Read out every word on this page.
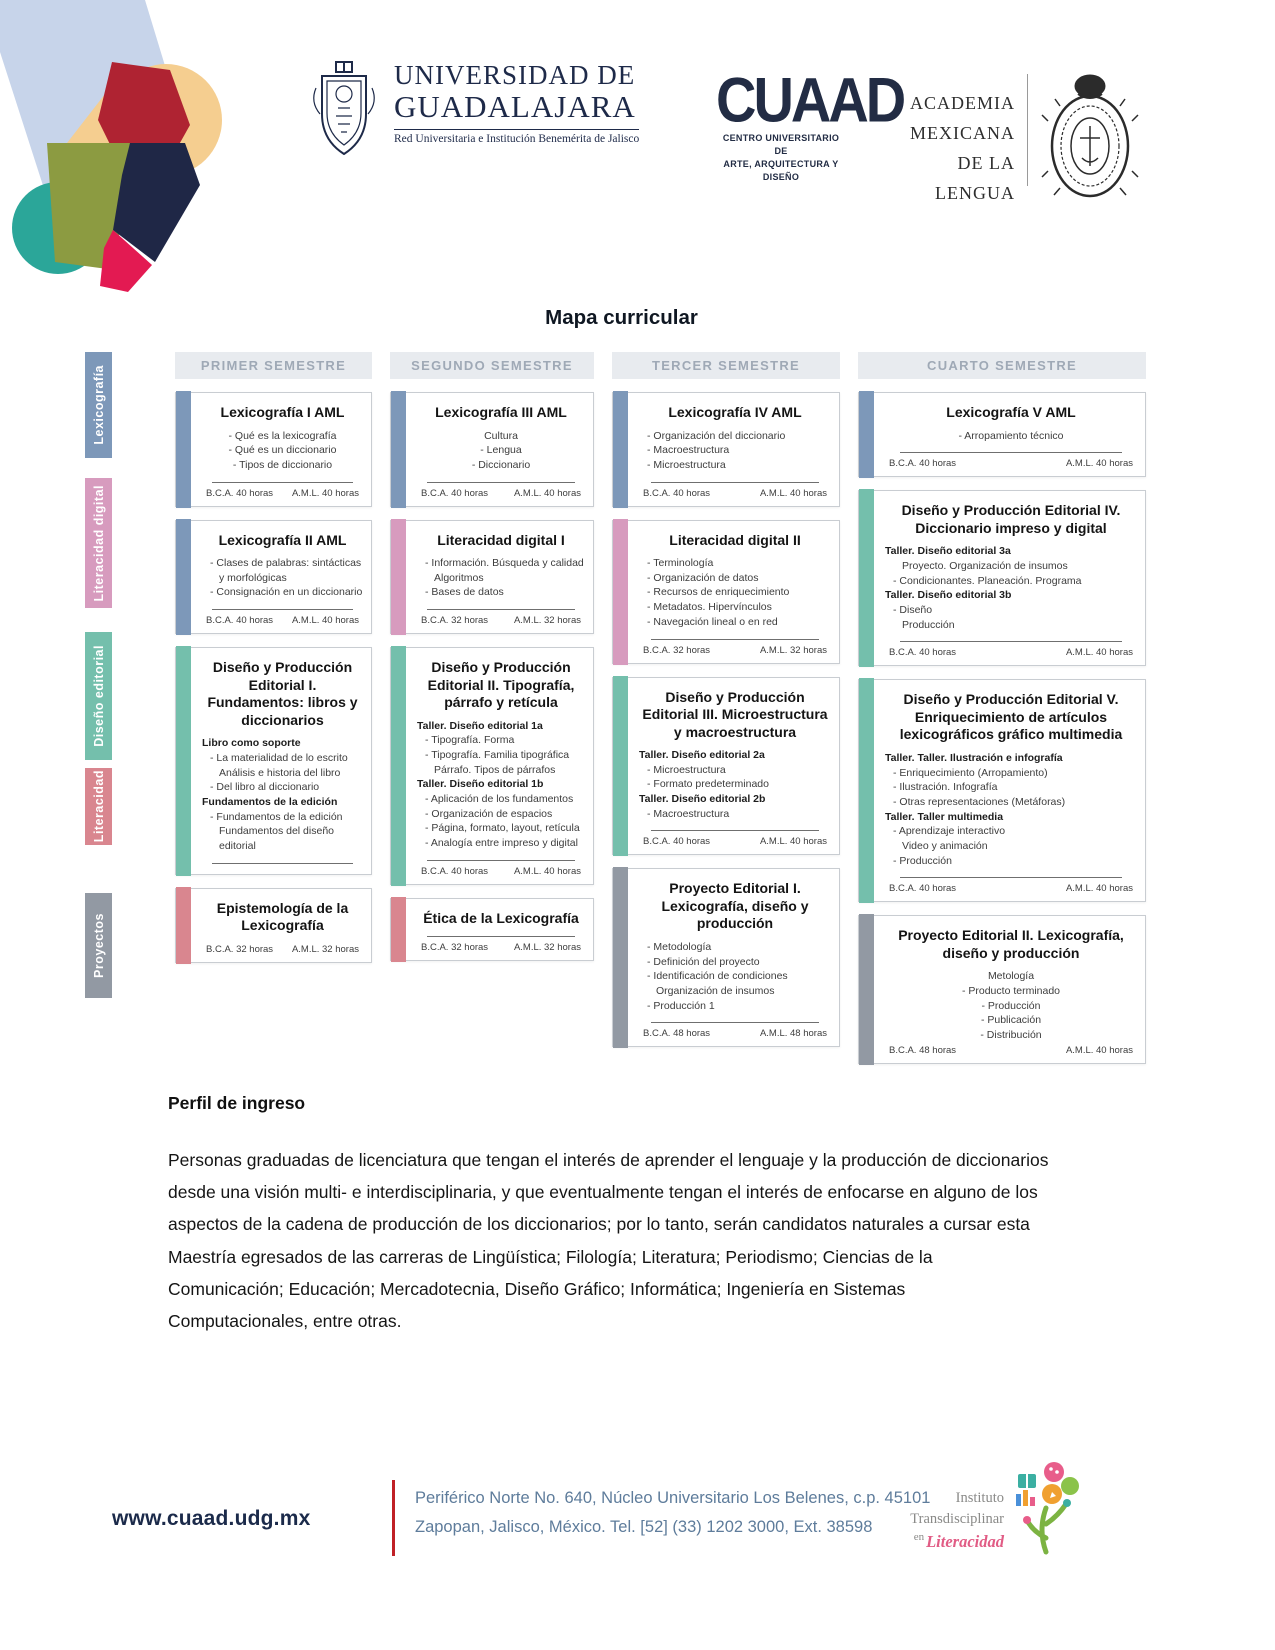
UNIVERSIDAD DE
GUADALAJARA
Red Universitaria e Institución Benemérita de Jalisco
CUAAD
CENTRO UNIVERSITARIO DE
ARTE, ARQUITECTURA Y DISEÑO
ACADEMIA
MEXICANA
DE LA
LENGUA
Mapa curricular
Lexicografía
Literacidad digital
Diseño editorial
Literacidad
Proyectos
PRIMER SEMESTRE
Lexicografía I AML
- Qué es la lexicografía
- Qué es un diccionario
- Tipos de diccionario
B.C.A. 40 horas A.M.L. 40 horas
Lexicografía II AML
- Clases de palabras: sintácticas
y morfológicas
- Consignación en un diccionario
B.C.A. 40 horas A.M.L. 40 horas
Diseño y Producción Editorial I. Fundamentos: libros y diccionarios
Libro como soporte
- La materialidad de lo escrito
Análisis e historia del libro
- Del libro al diccionario
Fundamentos de la edición
- Fundamentos de la edición
Fundamentos del diseño editorial
Epistemología de la Lexicografía
B.C.A. 32 horas A.M.L. 32 horas
SEGUNDO SEMESTRE
Lexicografía III AML
Cultura
- Lengua
- Diccionario
B.C.A. 40 horas	A.M.L. 40 horas
Literacidad digital I
- Información. Búsqueda y calidad
Algoritmos
- Bases de datos
B.C.A. 32 horas	A.M.L. 32 horas
Diseño y Producción Editorial II. Tipografía, párrafo y retícula
Taller. Diseño editorial 1a
- Tipografía. Forma
- Tipografía. Familia tipográfica
Párrafo. Tipos de párrafos
Taller. Diseño editorial 1b
- Aplicación de los fundamentos
- Organización de espacios
- Página, formato, layout, retícula
- Analogía entre impreso y digital
B.C.A. 40 horas	A.M.L. 40 horas
Ética de la Lexicografía
B.C.A. 32 horas	A.M.L. 32 horas
TERCER SEMESTRE
Lexicografía IV AML
- Organización del diccionario
- Macroestructura
- Microestructura
B.C.A. 40 horas	A.M.L. 40 horas
Literacidad digital II
- Terminología
- Organización de datos
- Recursos de enriquecimiento
- Metadatos. Hipervínculos
- Navegación lineal o en red
B.C.A. 32 horas	A.M.L. 32 horas
Diseño y Producción Editorial III. Microestructura y macroestructura
Taller. Diseño editorial 2a
- Microestructura
- Formato predeterminado
Taller. Diseño editorial 2b
- Macroestructura
B.C.A. 40 horas	A.M.L. 40 horas
Proyecto Editorial I. Lexicografía, diseño y producción
- Metodología
- Definición del proyecto
- Identificación de condiciones
Organización de insumos
- Producción 1
B.C.A. 48 horas	A.M.L. 48 horas
CUARTO SEMESTRE
Lexicografía V AML
- Arropamiento técnico
B.C.A. 40 horas	A.M.L. 40 horas
Diseño y Producción Editorial IV. Diccionario impreso y digital
Taller. Diseño editorial 3a
Proyecto. Organización de insumos
- Condicionantes. Planeación. Programa
Taller. Diseño editorial 3b
- Diseño
Producción
B.C.A. 40 horas	A.M.L. 40 horas
Diseño y Producción Editorial V. Enriquecimiento de artículos lexicográficos gráfico multimedia
Taller. Taller. Ilustración e infografía
- Enriquecimiento (Arropamiento)
- Ilustración. Infografía
- Otras representaciones (Metáforas)
Taller. Taller multimedia
- Aprendizaje interactivo
Video y animación
- Producción
B.C.A. 40 horas	A.M.L. 40 horas
Proyecto Editorial II. Lexicografía, diseño y producción
Metología
- Producto terminado
- Producción
- Publicación
- Distribución
B.C.A. 48 horas	A.M.L. 40 horas
Perfil de ingreso

Personas graduadas de licenciatura que tengan el interés de aprender el lenguaje y la producción de diccionarios desde una visión multi- e interdisciplinaria, y que eventualmente tengan el interés de enfocarse en alguno de los aspectos de la cadena de producción de los diccionarios; por lo tanto, serán candidatos naturales a cursar esta Maestría egresados de las carreras de Lingüística; Filología; Literatura; Periodismo; Ciencias de la Comunicación; Educación; Mercadotecnia, Diseño Gráfico; Informática; Ingeniería en Sistemas Computacionales, entre otras.

www.cuaad.udg.mx
Periférico Norte No. 640, Núcleo Universitario Los Belenes, c.p. 45101
Zapopan, Jalisco, México. Tel. [52] (33) 1202 3000, Ext. 38598
Instituto
Transdisciplinar
$^{en}$ Literacidad
